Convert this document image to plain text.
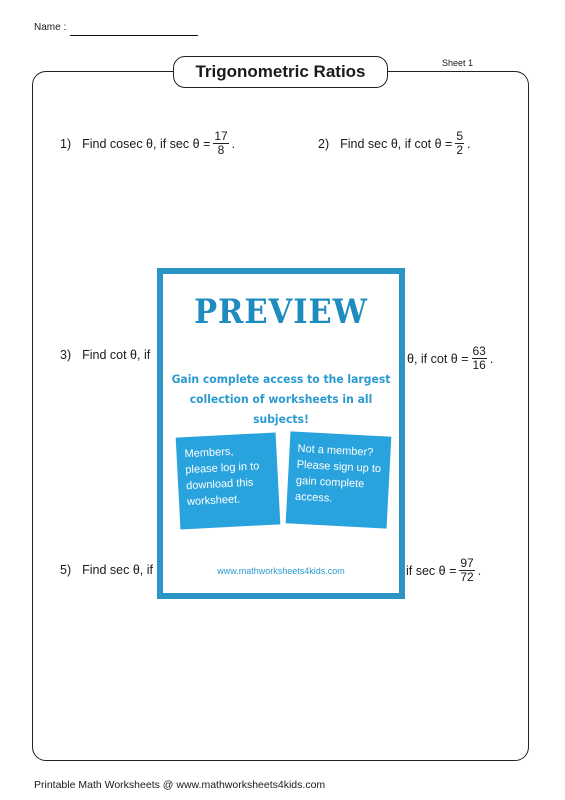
Name :
Sheet 1
Trigonometric Ratios
1) Find cosec θ, if $\sec \theta = \frac{17}{8}$ .	2) Find sec θ, if $\cot \theta = \frac{5}{2}$ .
3) Find cot θ, if	θ, if $\cot \theta = \frac{63}{16}$ .
5) Find sec θ, if	if $\sec \theta = \frac{97}{72}$ .
PREVIEW
Gain complete access to the largest
collection of worksheets in all subjects!
Members, please log in to download this worksheet.
Not a member? Please sign up to gain complete access.
www.mathworksheets4kids.com
Printable Math Worksheets @ www.mathworksheets4kids.com
